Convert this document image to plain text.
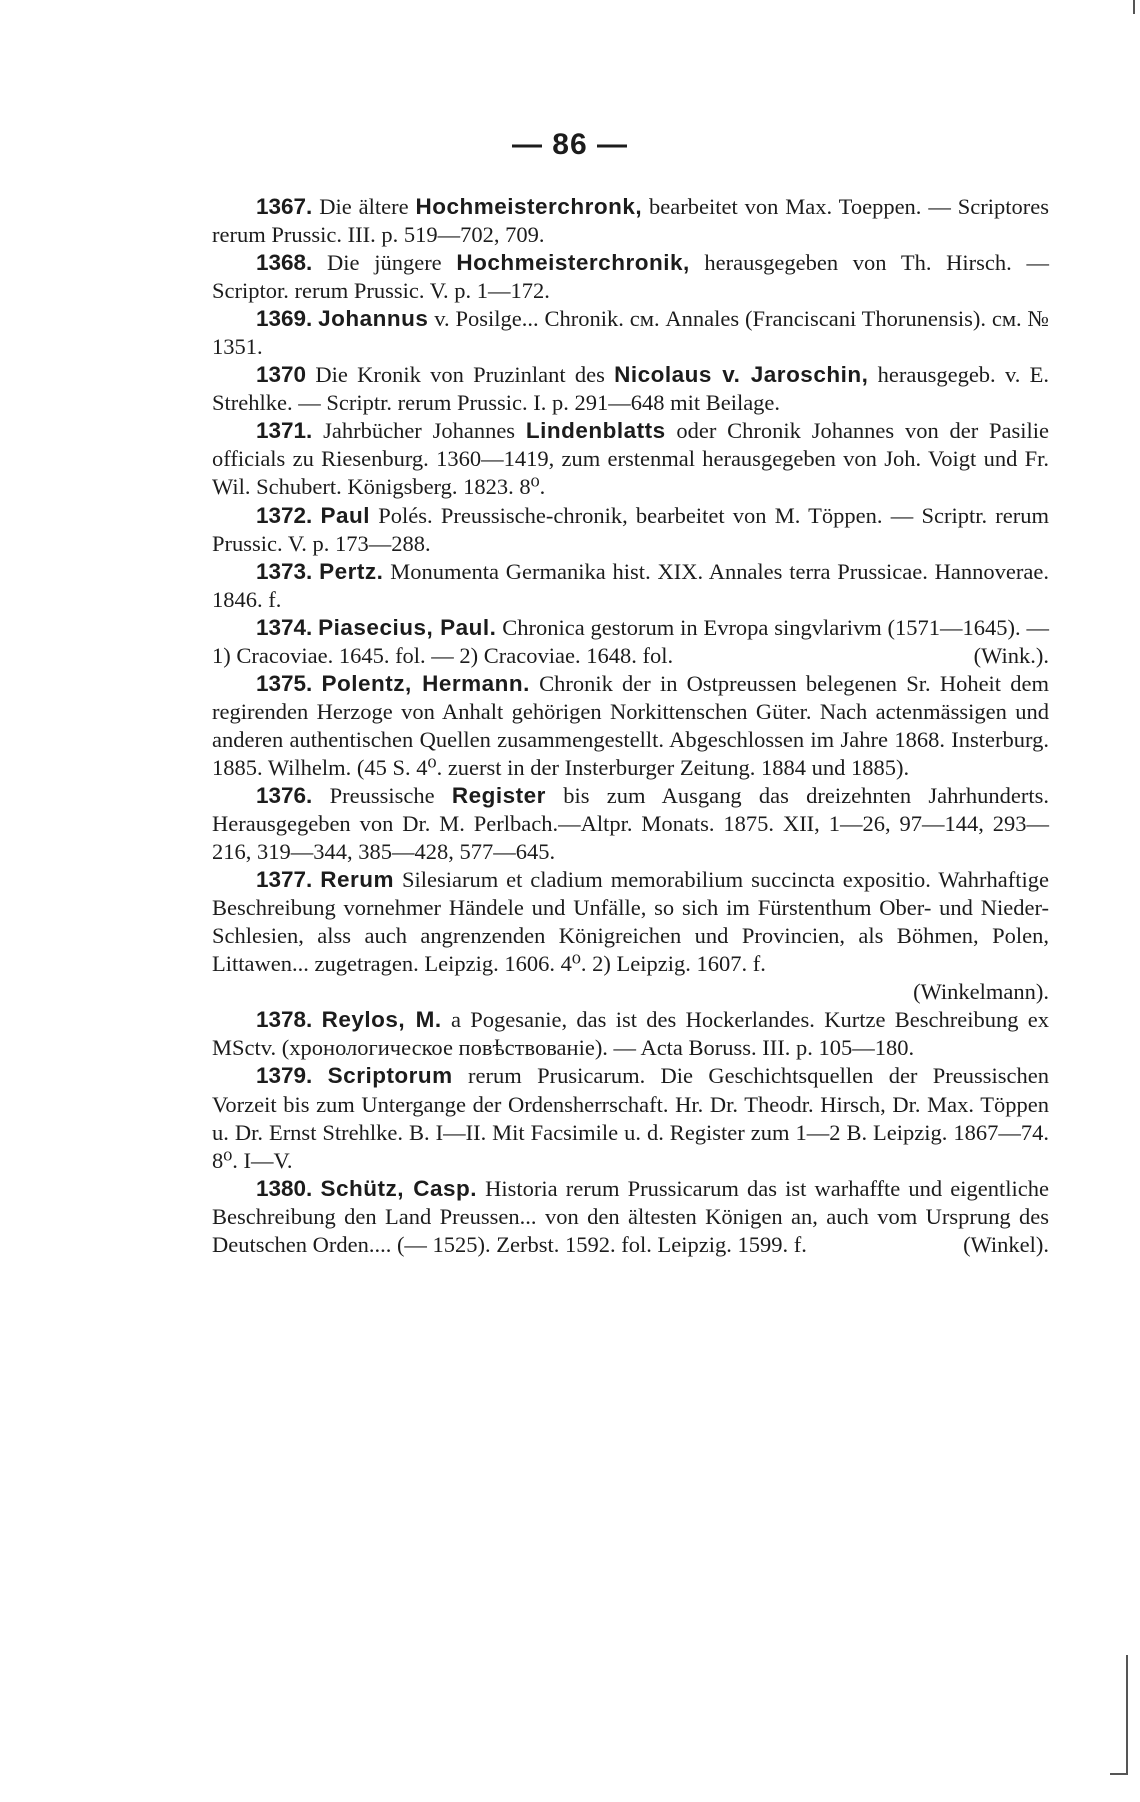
— 86 —

1367. Die ältere Hochmeisterchronk, bearbeitet von Max. Toeppen. — Scriptores rerum Prussic. III. p. 519—702, 709.

1368. Die jüngere Hochmeisterchronik, herausgegeben von Th. Hirsch. — Scriptor. rerum Prussic. V. p. 1—172.

1369. Johannus v. Posilge... Chronik. см. Annales (Franciscani Thorunensis). см. № 1351.

1370 Die Kronik von Pruzinlant des Nicolaus v. Jaroschin, herausgegeb. v. E. Strehlke. — Scriptr. rerum Prussic. I. p. 291—648 mit Beilage.

1371. Jahrbücher Johannes Lindenblatts oder Chronik Johannes von der Pasilie officials zu Riesenburg. 1360—1419, zum erstenmal herausgegeben von Joh. Voigt und Fr. Wil. Schubert. Königsberg. 1823. 8⁰.

1372. Paul Polés. Preussische-chronik, bearbeitet von M. Töppen. — Scriptr. rerum Prussic. V. p. 173—288.

1373. Pertz. Monumenta Germanika hist. XIX. Annales terra Prussicae. Hannoverae. 1846. f.

1374. Piasecius, Paul. Chronica gestorum in Evropa singvlarivm (1571—1645). — 1) Cracoviae. 1645. fol. — 2) Cracoviae. 1648. fol.	(Wink.).

1375. Polentz, Hermann. Chronik der in Ostpreussen belegenen Sr. Hoheit dem regirenden Herzoge von Anhalt gehörigen Norkittenschen Güter. Nach actenmässigen und anderen authentischen Quellen zusammengestellt. Abgeschlossen im Jahre 1868. Insterburg. 1885. Wilhelm. (45 S. 4⁰. zuerst in der Insterburger Zeitung. 1884 und 1885).

1376. Preussische Register bis zum Ausgang das dreizehnten Jahrhunderts. Herausgegeben von Dr. M. Perlbach.—Altpr. Monats. 1875. XII, 1—26, 97—144, 293—216, 319—344, 385—428, 577—645.

1377. Rerum Silesiarum et cladium memorabilium succincta expositio. Wahrhaftige Beschreibung vornehmer Händele und Unfälle, so sich im Fürstenthum Ober- und Nieder-Schlesien, alss auch angrenzenden Königreichen und Provincien, als Böhmen, Polen, Littawen... zugetragen. Leipzig. 1606. 4⁰. 2) Leipzig. 1607. f.

(Winkelmann).

1378. Reylos, M. a Pogesanie, das ist des Hockerlandes. Kurtze Beschreibung ex MSctv. (хронологическое повѣствованіе). — Acta Boruss. III. p. 105—180.

1379. Scriptorum rerum Prusicarum. Die Geschichtsquellen der Preussischen Vorzeit bis zum Untergange der Ordensherrschaft. Hr. Dr. Theodr. Hirsch, Dr. Max. Töppen u. Dr. Ernst Strehlke. B. I—II. Mit Facsimile u. d. Register zum 1—2 B. Leipzig. 1867—74. 8⁰. I—V.

1380. Schütz, Casp. Historia rerum Prussicarum das ist warhaffte und eigentliche Beschreibung den Land Preussen... von den ältesten Königen an, auch vom Ursprung des Deutschen Orden.... (— 1525). Zerbst. 1592. fol. Leipzig. 1599. f.	(Winkel).
